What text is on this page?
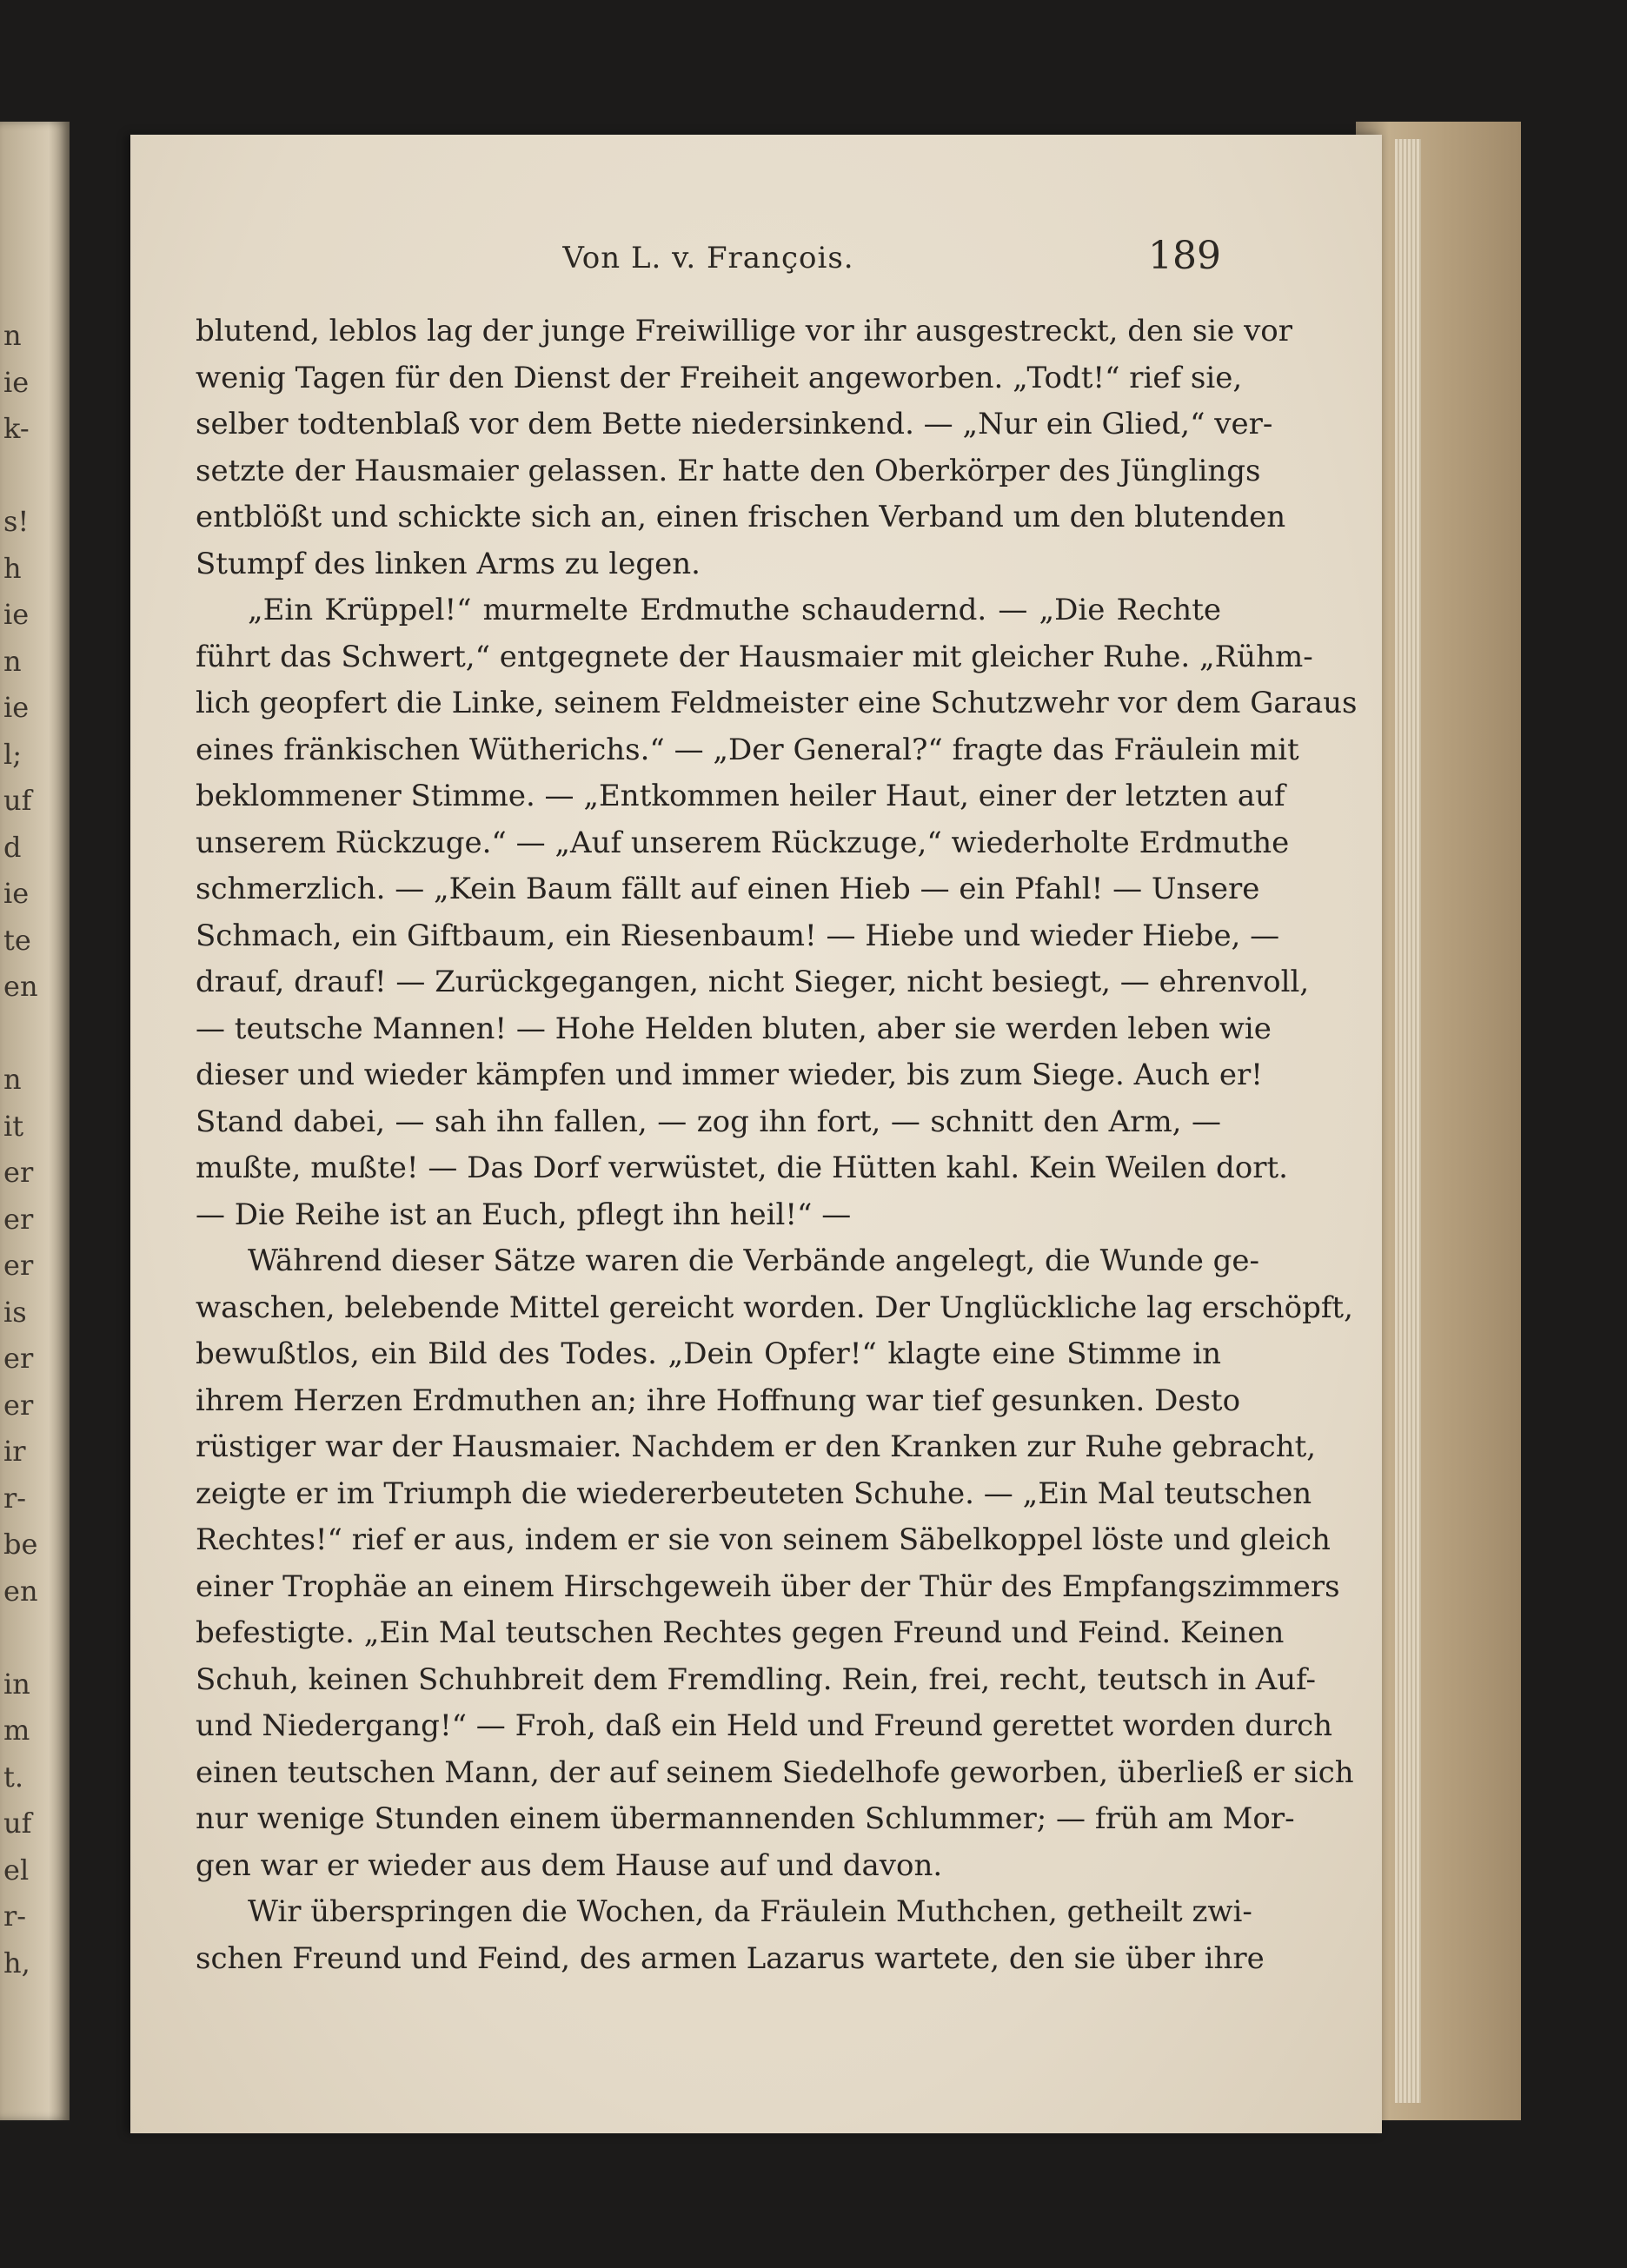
n
ie
k-
s!
h
ie
n
ie
l;
uf
d
ie
te
en
n
it
er
er
er
is
er
er
ir
r-
be
en
in
m
t.
uf
el
r-
h,
Von L. v. François.	189
blutend, leblos lag der junge Freiwillige vor ihr ausgestreckt, den sie vor
wenig Tagen für den Dienst der Freiheit angeworben. „Todt!“ rief sie,
selber todtenblaß vor dem Bette niedersinkend. — „Nur ein Glied,“ ver-
setzte der Hausmaier gelassen. Er hatte den Oberkörper des Jünglings
entblößt und schickte sich an, einen frischen Verband um den blutenden
Stumpf des linken Arms zu legen.
„Ein Krüppel!“ murmelte Erdmuthe schaudernd. — „Die Rechte
führt das Schwert,“ entgegnete der Hausmaier mit gleicher Ruhe. „Rühm-
lich geopfert die Linke, seinem Feldmeister eine Schutzwehr vor dem Garaus
eines fränkischen Wütherichs.“ — „Der General?“ fragte das Fräulein mit
beklommener Stimme. — „Entkommen heiler Haut, einer der letzten auf
unserem Rückzuge.“ — „Auf unserem Rückzuge,“ wiederholte Erdmuthe
schmerzlich. — „Kein Baum fällt auf einen Hieb — ein Pfahl! — Unsere
Schmach, ein Giftbaum, ein Riesenbaum! — Hiebe und wieder Hiebe, —
drauf, drauf! — Zurückgegangen, nicht Sieger, nicht besiegt, — ehrenvoll,
— teutsche Mannen! — Hohe Helden bluten, aber sie werden leben wie
dieser und wieder kämpfen und immer wieder, bis zum Siege. Auch er!
Stand dabei, — sah ihn fallen, — zog ihn fort, — schnitt den Arm, —
mußte, mußte! — Das Dorf verwüstet, die Hütten kahl. Kein Weilen dort.
— Die Reihe ist an Euch, pflegt ihn heil!“ —
Während dieser Sätze waren die Verbände angelegt, die Wunde ge-
waschen, belebende Mittel gereicht worden. Der Unglückliche lag erschöpft,
bewußtlos, ein Bild des Todes. „Dein Opfer!“ klagte eine Stimme in
ihrem Herzen Erdmuthen an; ihre Hoffnung war tief gesunken. Desto
rüstiger war der Hausmaier. Nachdem er den Kranken zur Ruhe gebracht,
zeigte er im Triumph die wiedererbeuteten Schuhe. — „Ein Mal teutschen
Rechtes!“ rief er aus, indem er sie von seinem Säbelkoppel löste und gleich
einer Trophäe an einem Hirschgeweih über der Thür des Empfangszimmers
befestigte. „Ein Mal teutschen Rechtes gegen Freund und Feind. Keinen
Schuh, keinen Schuhbreit dem Fremdling. Rein, frei, recht, teutsch in Auf-
und Niedergang!“ — Froh, daß ein Held und Freund gerettet worden durch
einen teutschen Mann, der auf seinem Siedelhofe geworben, überließ er sich
nur wenige Stunden einem übermannenden Schlummer; — früh am Mor-
gen war er wieder aus dem Hause auf und davon.
Wir überspringen die Wochen, da Fräulein Muthchen, getheilt zwi-
schen Freund und Feind, des armen Lazarus wartete, den sie über ihre
